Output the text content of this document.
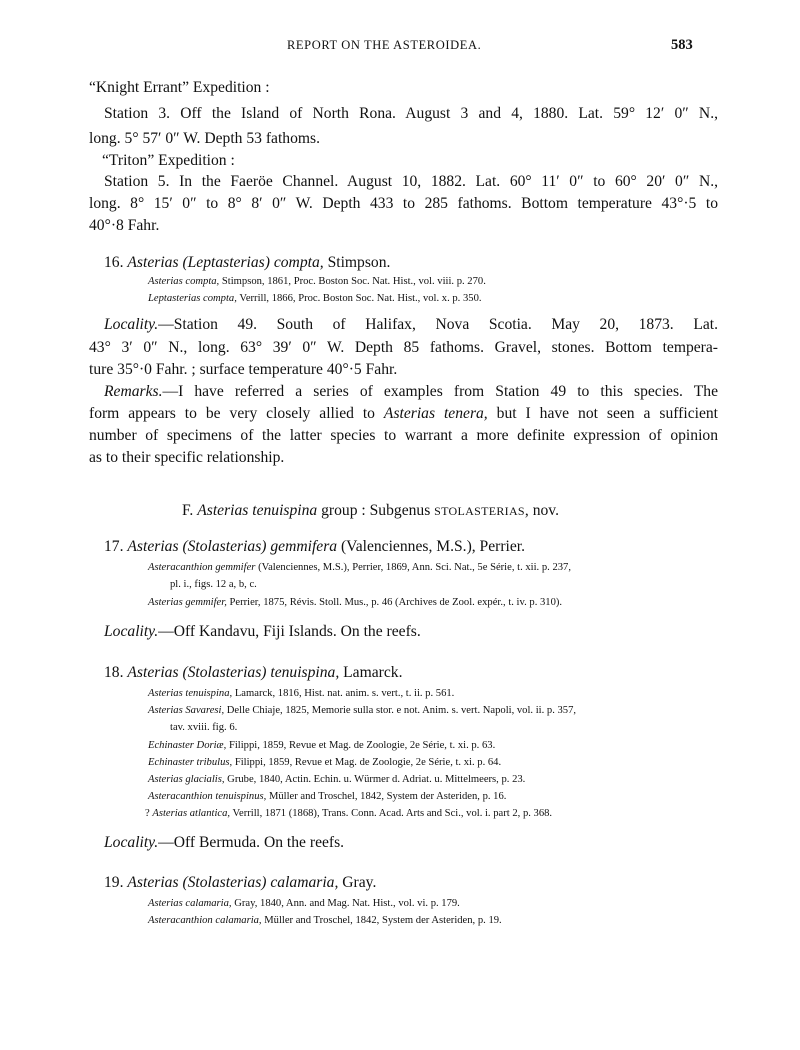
REPORT ON THE ASTEROIDEA.	583
“Knight Errant” Expedition :
Station 3. Off the Island of North Rona. August 3 and 4, 1880. Lat. 59° 12′ 0″ N.,
long. 5° 57′ 0″ W. Depth 53 fathoms.
“Triton” Expedition :
Station 5. In the Faeröe Channel. August 10, 1882. Lat. 60° 11′ 0″ to 60° 20′ 0″ N.,
long. 8° 15′ 0″ to 8° 8′ 0″ W. Depth 433 to 285 fathoms. Bottom temperature 43°·5 to
40°·8 Fahr.
16. Asterias (Leptasterias) compta, Stimpson.
Asterias compta, Stimpson, 1861, Proc. Boston Soc. Nat. Hist., vol. viii. p. 270.
Leptasterias compta, Verrill, 1866, Proc. Boston Soc. Nat. Hist., vol. x. p. 350.
Locality.—Station 49. South of Halifax, Nova Scotia. May 20, 1873. Lat.
43° 3′ 0″ N., long. 63° 39′ 0″ W. Depth 85 fathoms. Gravel, stones. Bottom tempera-
ture 35°·0 Fahr. ; surface temperature 40°·5 Fahr.
Remarks.—I have referred a series of examples from Station 49 to this species. The
form appears to be very closely allied to Asterias tenera, but I have not seen a sufficient
number of specimens of the latter species to warrant a more definite expression of opinion
as to their specific relationship.
F. Asterias tenuispina group : Subgenus STOLASTERIAS, nov.
17. Asterias (Stolasterias) gemmifera (Valenciennes, M.S.), Perrier.
Asteracanthion gemmifer (Valenciennes, M.S.), Perrier, 1869, Ann. Sci. Nat., 5e Série, t. xii. p. 237,
pl. i., figs. 12 a, b, c.
Asterias gemmifer, Perrier, 1875, Révis. Stoll. Mus., p. 46 (Archives de Zool. expér., t. iv. p. 310).
Locality.—Off Kandavu, Fiji Islands. On the reefs.
18. Asterias (Stolasterias) tenuispina, Lamarck.
Asterias tenuispina, Lamarck, 1816, Hist. nat. anim. s. vert., t. ii. p. 561.
Asterias Savaresi, Delle Chiaje, 1825, Memorie sulla stor. e not. Anim. s. vert. Napoli, vol. ii. p. 357,
tav. xviii. fig. 6.
Echinaster Doriæ, Filippi, 1859, Revue et Mag. de Zoologie, 2e Série, t. xi. p. 63.
Echinaster tribulus, Filippi, 1859, Revue et Mag. de Zoologie, 2e Série, t. xi. p. 64.
Asterias glacialis, Grube, 1840, Actin. Echin. u. Würmer d. Adriat. u. Mittelmeers, p. 23.
Asteracanthion tenuispinus, Müller and Troschel, 1842, System der Asteriden, p. 16.
? Asterias atlantica, Verrill, 1871 (1868), Trans. Conn. Acad. Arts and Sci., vol. i. part 2, p. 368.
Locality.—Off Bermuda. On the reefs.
19. Asterias (Stolasterias) calamaria, Gray.
Asterias calamaria, Gray, 1840, Ann. and Mag. Nat. Hist., vol. vi. p. 179.
Asteracanthion calamaria, Müller and Troschel, 1842, System der Asteriden, p. 19.
